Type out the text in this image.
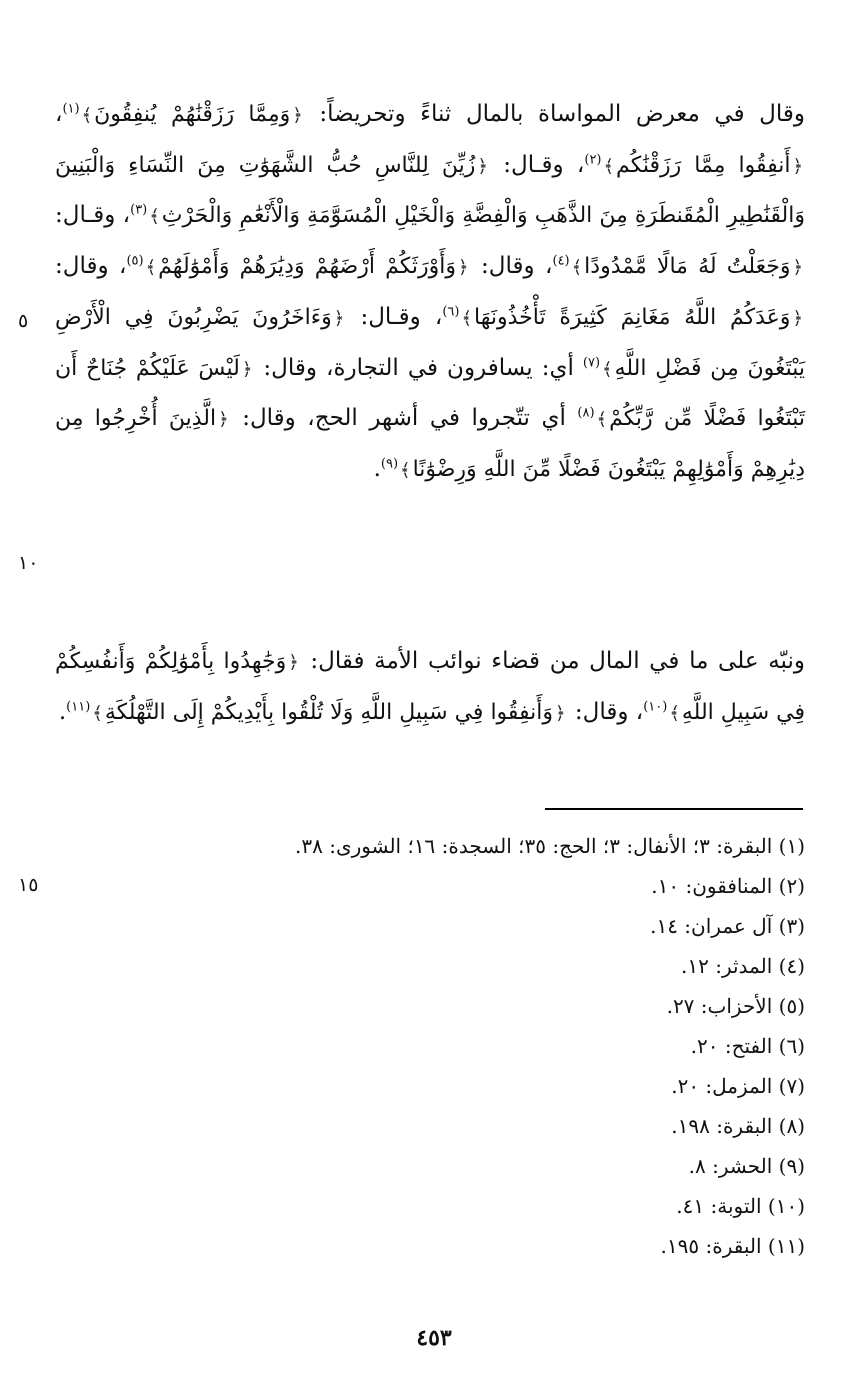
وقال في معرض المواساة بالمال ثناءً وتحريضاً: ﴿وَمِمَّا رَزَقْنَٰهُمْ يُنفِقُونَ﴾$^{(١)}$، ﴿أَنفِقُوا مِمَّا رَزَقْنَٰكُم﴾$^{(٢)}$، وقـال: ﴿زُيِّنَ لِلنَّاسِ حُبُّ الشَّهَوَٰتِ مِنَ النِّسَاءِ وَالْبَنِينَ وَالْقَنَٰطِيرِ الْمُقَنطَرَةِ مِنَ الذَّهَبِ وَالْفِضَّةِ وَالْخَيْلِ الْمُسَوَّمَةِ وَالْأَنْعَٰمِ وَالْحَرْثِ﴾$^{(٣)}$، وقـال: ﴿وَجَعَلْتُ لَهُ مَالًا مَّمْدُودًا﴾$^{(٤)}$، وقال: ﴿وَأَوْرَثَكُمْ أَرْضَهُمْ وَدِيَٰرَهُمْ وَأَمْوَٰلَهُمْ﴾$^{(٥)}$، وقال: ﴿وَعَدَكُمُ اللَّهُ مَغَانِمَ كَثِيرَةً تَأْخُذُونَهَا﴾$^{(٦)}$، وقـال: ﴿وَءَاخَرُونَ يَضْرِبُونَ فِي الْأَرْضِ يَبْتَغُونَ مِن فَضْلِ اللَّهِ﴾$^{(٧)}$ أي: يسافرون في التجارة، وقال: ﴿لَيْسَ عَلَيْكُمْ جُنَاحٌ أَن تَبْتَغُوا فَضْلًا مِّن رَّبِّكُمْ﴾$^{(٨)}$ أي تتّجروا في أشهر الحج، وقال: ﴿الَّذِينَ أُخْرِجُوا مِن دِيَٰرِهِمْ وَأَمْوَٰلِهِمْ يَبْتَغُونَ فَضْلًا مِّنَ اللَّهِ وَرِضْوَٰنًا﴾$^{(٩)}$.

ونبّه على ما في المال من قضاء نوائب الأمة فقال: ﴿وَجَٰهِدُوا بِأَمْوَٰلِكُمْ وَأَنفُسِكُمْ فِي سَبِيلِ اللَّهِ﴾$^{(١٠)}$، وقال: ﴿وَأَنفِقُوا فِي سَبِيلِ اللَّهِ وَلَا تُلْقُوا بِأَيْدِيكُمْ إِلَى التَّهْلُكَةِ﴾$^{(١١)}$.

٥
١٠
١٥
(١) البقرة: ٣؛ الأنفال: ٣؛ الحج: ٣٥؛ السجدة: ١٦؛ الشورى: ٣٨.
(٢) المنافقون: ١٠.
(٣) آل عمران: ١٤.
(٤) المدثر: ١٢.
(٥) الأحزاب: ٢٧.
(٦) الفتح: ٢٠.
(٧) المزمل: ٢٠.
(٨) البقرة: ١٩٨.
(٩) الحشر: ٨.
(١٠) التوبة: ٤١.
(١١) البقرة: ١٩٥.
٤٥٣
